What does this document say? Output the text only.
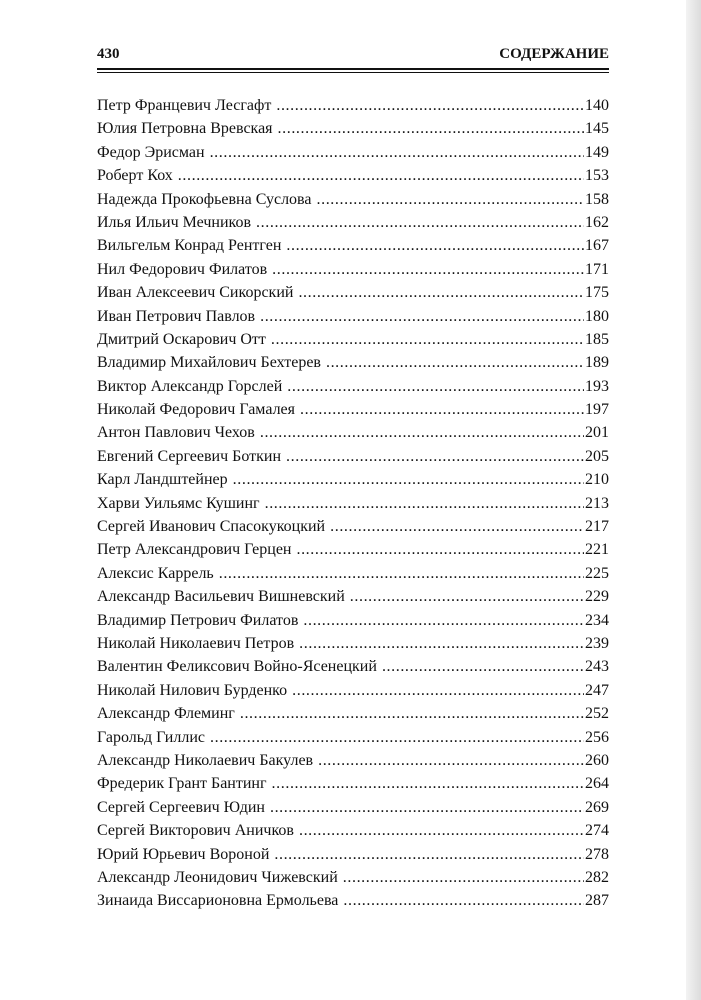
430	СОДЕРЖАНИЕ
Петр Францевич Лесгафт .....	140
Юлия Петровна Вревская .....	145
Федор Эрисман .....	149
Роберт Кох .....	153
Надежда Прокофьевна Суслова .....	158
Илья Ильич Мечников .....	162
Вильгельм Конрад Рентген .....	167
Нил Федорович Филатов .....	171
Иван Алексеевич Сикорский .....	175
Иван Петрович Павлов .....	180
Дмитрий Оскарович Отт .....	185
Владимир Михайлович Бехтерев .....	189
Виктор Александр Горслей .....	193
Николай Федорович Гамалея .....	197
Антон Павлович Чехов .....	201
Евгений Сергеевич Боткин .....	205
Карл Ландштейнер .....	210
Харви Уильямс Кушинг .....	213
Сергей Иванович Спасокукоцкий .....	217
Петр Александрович Герцен .....	221
Алексис Каррель .....	225
Александр Васильевич Вишневский .....	229
Владимир Петрович Филатов .....	234
Николай Николаевич Петров .....	239
Валентин Феликсович Войно-Ясенецкий .....	243
Николай Нилович Бурденко .....	247
Александр Флеминг .....	252
Гарольд Гиллис .....	256
Александр Николаевич Бакулев .....	260
Фредерик Грант Бантинг .....	264
Сергей Сергеевич Юдин .....	269
Сергей Викторович Аничков .....	274
Юрий Юрьевич Вороной .....	278
Александр Леонидович Чижевский .....	282
Зинаида Виссарионовна Ермольева .....	287
